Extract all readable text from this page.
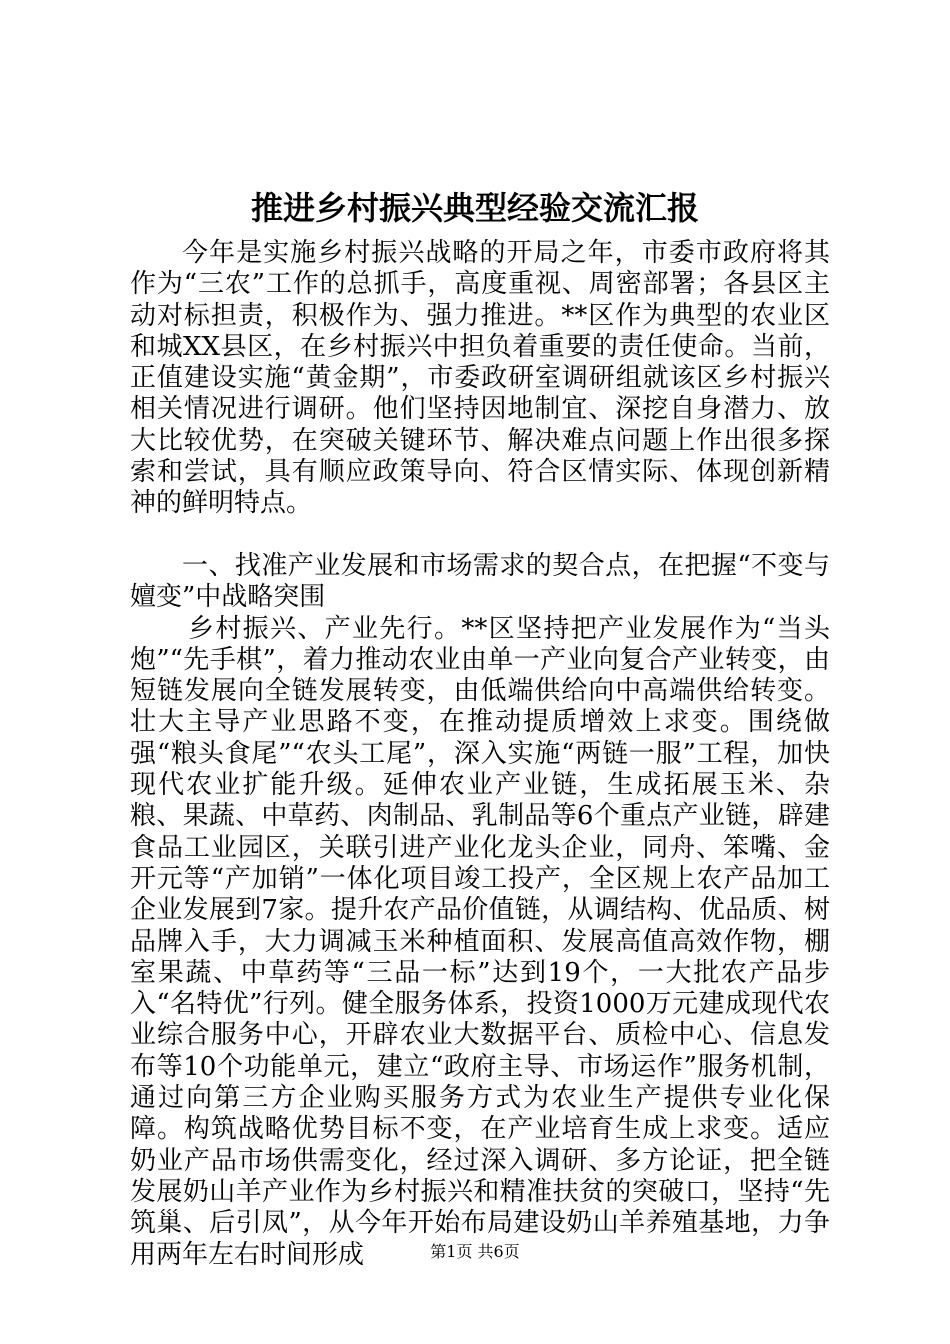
推进乡村振兴典型经验交流汇报

今年是实施乡村振兴战略的开局之年，市委市政府将其作为“三农”工作的总抓手，高度重视、周密部署；各县区主动对标担责，积极作为、强力推进。**区作为典型的农业区和城XX县区，在乡村振兴中担负着重要的责任使命。当前，正值建设实施“黄金期”，市委政研室调研组就该区乡村振兴相关情况进行调研。他们坚持因地制宜、深挖自身潜力、放大比较优势，在突破关键环节、解决难点问题上作出很多探索和尝试，具有顺应政策导向、符合区情实际、体现创新精神的鲜明特点。

一、找准产业发展和市场需求的契合点，在把握“不变与嬗变”中战略突围

乡村振兴、产业先行。**区坚持把产业发展作为“当头炮”“先手棋”，着力推动农业由单一产业向复合产业转变，由短链发展向全链发展转变，由低端供给向中高端供给转变。壮大主导产业思路不变，在推动提质增效上求变。围绕做强“粮头食尾”“农头工尾”，深入实施“两链一服”工程，加快现代农业扩能升级。延伸农业产业链，生成拓展玉米、杂粮、果蔬、中草药、肉制品、乳制品等6个重点产业链，辟建食品工业园区，关联引进产业化龙头企业，同舟、笨嘴、金开元等“产加销”一体化项目竣工投产，全区规上农产品加工企业发展到7家。提升农产品价值链，从调结构、优品质、树品牌入手，大力调减玉米种植面积、发展高值高效作物，棚室果蔬、中草药等“三品一标”达到19个，一大批农产品步入“名特优”行列。健全服务体系，投资1000万元建成现代农业综合服务中心，开辟农业大数据平台、质检中心、信息发布等10个功能单元，建立“政府主导、市场运作”服务机制，通过向第三方企业购买服务方式为农业生产提供专业化保障。构筑战略优势目标不变，在产业培育生成上求变。适应奶业产品市场供需变化，经过深入调研、多方论证，把全链发展奶山羊产业作为乡村振兴和精准扶贫的突破口，坚持“先筑巢、后引凤”，从今年开始布局建设奶山羊养殖基地，力争用两年左右时间形成	第1页 共6页
